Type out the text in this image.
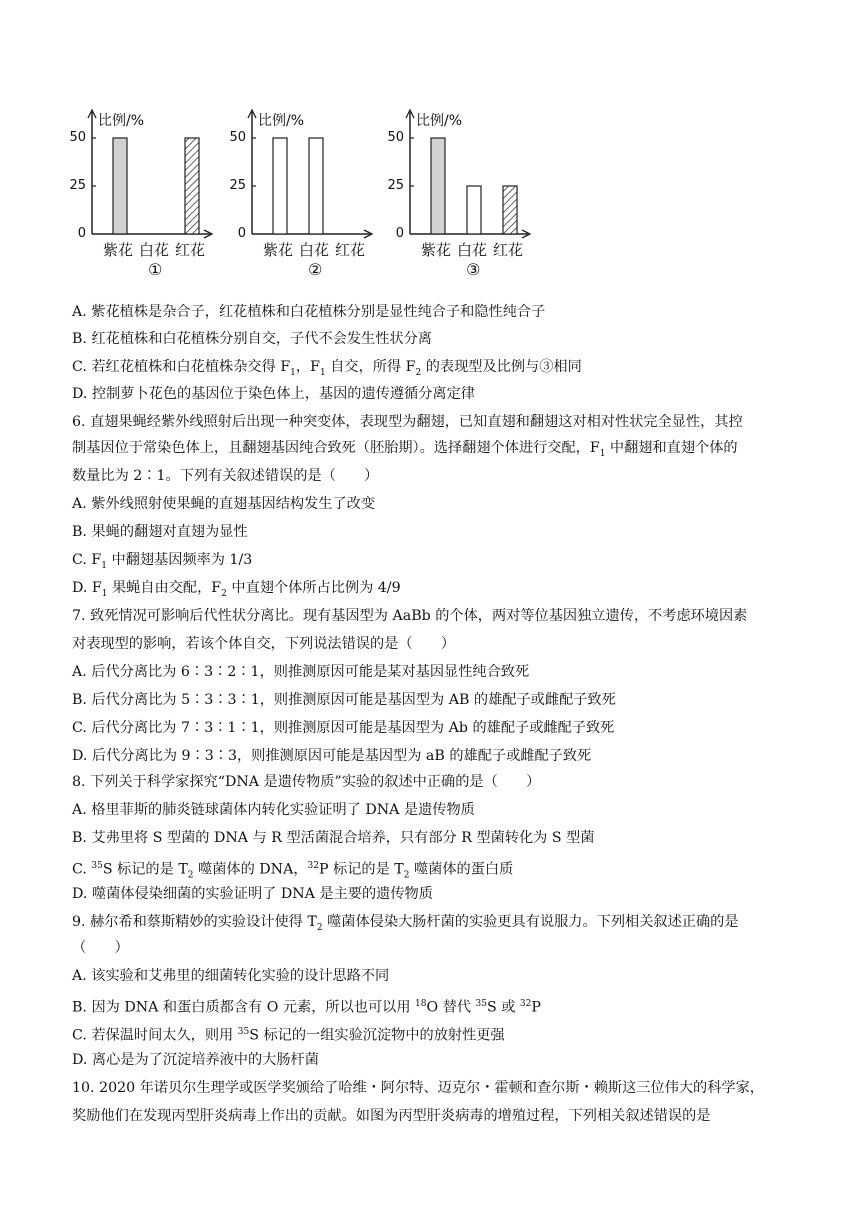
比例/%
0
25
50
紫花 白花 红花
①
比例/%
0
25
50
紫花 白花 红花
②
比例/%
0
25
50
紫花 白花 红花
③
A. 紫花植株是杂合子，红花植株和白花植株分别是显性纯合子和隐性纯合子
B. 红花植株和白花植株分别自交，子代不会发生性状分离
C. 若红花植株和白花植株杂交得 $F_1$，$F_1$ 自交，所得 $F_2$ 的表现型及比例与③相同
D. 控制萝卜花色的基因位于染色体上，基因的遗传遵循分离定律
6. 直翅果蝇经紫外线照射后出现一种突变体，表现型为翻翅，已知直翅和翻翅这对相对性状完全显性，其控
制基因位于常染色体上，且翻翅基因纯合致死（胚胎期）。选择翻翅个体进行交配，$F_1$ 中翻翅和直翅个体的
数量比为 2∶1。下列有关叙述错误的是（　　）
A. 紫外线照射使果蝇的直翅基因结构发生了改变
B. 果蝇的翻翅对直翅为显性
C. $F_1$ 中翻翅基因频率为 1/3
D. $F_1$ 果蝇自由交配，$F_2$ 中直翅个体所占比例为 4/9
7. 致死情况可影响后代性状分离比。现有基因型为 AaBb 的个体，两对等位基因独立遗传，不考虑环境因素
对表现型的影响，若该个体自交，下列说法错误的是（　　）
A. 后代分离比为 6∶3∶2∶1，则推测原因可能是某对基因显性纯合致死
B. 后代分离比为 5∶3∶3∶1，则推测原因可能是基因型为 AB 的雄配子或雌配子致死
C. 后代分离比为 7∶3∶1∶1，则推测原因可能是基因型为 Ab 的雄配子或雌配子致死
D. 后代分离比为 9∶3∶3，则推测原因可能是基因型为 aB 的雄配子或雌配子致死
8. 下列关于科学家探究“DNA 是遗传物质”实验的叙述中正确的是（　　）
A. 格里菲斯的肺炎链球菌体内转化实验证明了 DNA 是遗传物质
B. 艾弗里将 S 型菌的 DNA 与 R 型活菌混合培养，只有部分 R 型菌转化为 S 型菌
C. $^{35}$S 标记的是 $T_2$ 噬菌体的 DNA，$^{32}$P 标记的是 $T_2$ 噬菌体的蛋白质
D. 噬菌体侵染细菌的实验证明了 DNA 是主要的遗传物质
9. 赫尔希和蔡斯精妙的实验设计使得 $T_2$ 噬菌体侵染大肠杆菌的实验更具有说服力。下列相关叙述正确的是
（　　）
A. 该实验和艾弗里的细菌转化实验的设计思路不同
B. 因为 DNA 和蛋白质都含有 O 元素，所以也可以用 $^{18}$O 替代 $^{35}$S 或 $^{32}$P
C. 若保温时间太久，则用 $^{35}$S 标记的一组实验沉淀物中的放射性更强
D. 离心是为了沉淀培养液中的大肠杆菌
10. 2020 年诺贝尔生理学或医学奖颁给了哈维・阿尔特、迈克尔・霍顿和查尔斯・赖斯这三位伟大的科学家，
奖励他们在发现丙型肝炎病毒上作出的贡献。如图为丙型肝炎病毒的增殖过程，下列相关叙述错误的是
